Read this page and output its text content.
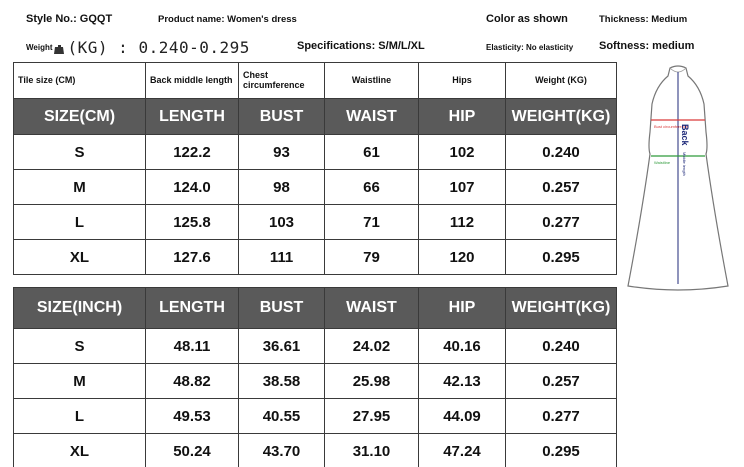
Style No.: GQQT	Product name: Women's dress	Color as shown	Thickness: Medium
Weight (KG) : 0.240-0.295	Specifications: S/M/L/XL	Elasticity: No elasticity Softness: medium
Tile size (CM)	Back middle length	Chest circumference	Waistline	Hips	Weight (KG)
SIZE(CM)	LENGTH	BUST	WAIST	HIP	WEIGHT(KG)
S	122.2	93	61	102	0.240
M	124.0	98	66	107	0.257
L	125.8	103	71	112	0.277
XL	127.6	111	79	120	0.295
SIZE(INCH)	LENGTH	BUST	WAIST	HIP	WEIGHT(KG)
S	48.11	36.61	24.02	40.16	0.240
M	48.82	38.58	25.98	42.13	0.257
L	49.53	40.55	27.95	44.09	0.277
XL	50.24	43.70	31.10	47.24	0.295
Bust circumference
Waistline
Back
Middle length
